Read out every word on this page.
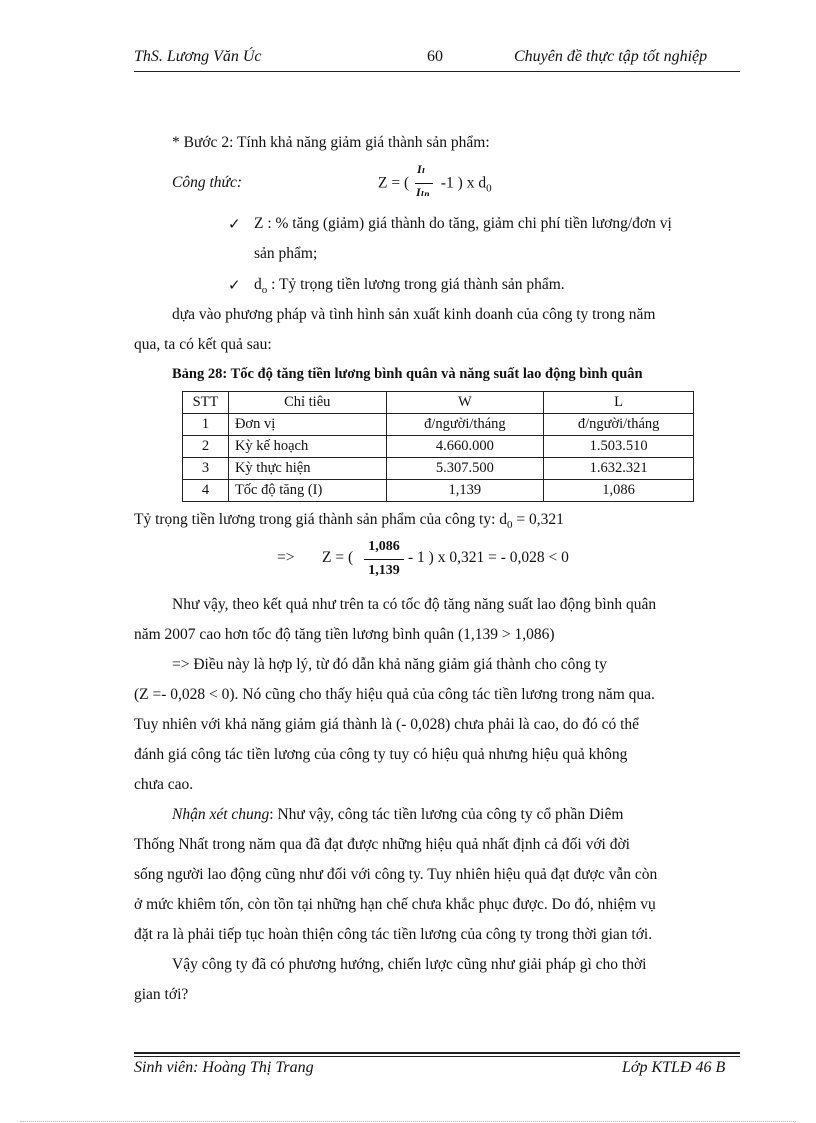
ThS. Lương Văn Úc	60	Chuyên đề thực tập tốt nghiệp
* Bước 2: Tính khả năng giảm giá thành sản phẩm:
Công thức:	Z = (
Iₗ
Iₗₙ
-1 ) x $d_0$
✓ Z : % tăng (giảm) giá thành do tăng, giảm chi phí tiền lương/đơn vị
sản phẩm;
✓ $d_o$ : Tỷ trọng tiền lương trong giá thành sản phẩm.
dựa vào phương pháp và tình hình sản xuất kinh doanh của công ty trong năm
qua, ta có kết quả sau:
Bảng 28: Tốc độ tăng tiền lương bình quân và năng suất lao động bình quân
STT	Chỉ tiêu	W	L
1	Đơn vị	đ/người/tháng	đ/người/tháng
2	Kỳ kế hoạch	4.660.000	1.503.510
3	Kỳ thực hiện	5.307.500	1.632.321
4	Tốc độ tăng (I)	1,139	1,086
Tỷ trọng tiền lương trong giá thành sản phẩm của công ty: $d_0 = 0,321$
=> Z = (
1,086
1,139
- 1 ) x 0,321 = - 0,028 < 0
Như vậy, theo kết quả như trên ta có tốc độ tăng năng suất lao động bình quân
năm 2007 cao hơn tốc độ tăng tiền lương bình quân (1,139 > 1,086)
=> Điều này là hợp lý, từ đó dẫn khả năng giảm giá thành cho công ty
(Z =- 0,028 < 0). Nó cũng cho thấy hiệu quả của công tác tiền lương trong năm qua.
Tuy nhiên với khả năng giảm giá thành là (- 0,028) chưa phải là cao, do đó có thể
đánh giá công tác tiền lương của công ty tuy có hiệu quả nhưng hiệu quả không
chưa cao.
Nhận xét chung: Như vậy, công tác tiền lương của công ty cổ phần Diêm
Thống Nhất trong năm qua đã đạt được những hiệu quả nhất định cả đối với đời
sống người lao động cũng như đối với công ty. Tuy nhiên hiệu quả đạt được vẫn còn
ở mức khiêm tốn, còn tồn tại những hạn chế chưa khắc phục được. Do đó, nhiệm vụ
đặt ra là phải tiếp tục hoàn thiện công tác tiền lương của công ty trong thời gian tới.
Vậy công ty đã có phương hướng, chiến lược cũng như giải pháp gì cho thời
gian tới?
Sinh viên: Hoàng Thị Trang	Lớp KTLĐ 46 B
